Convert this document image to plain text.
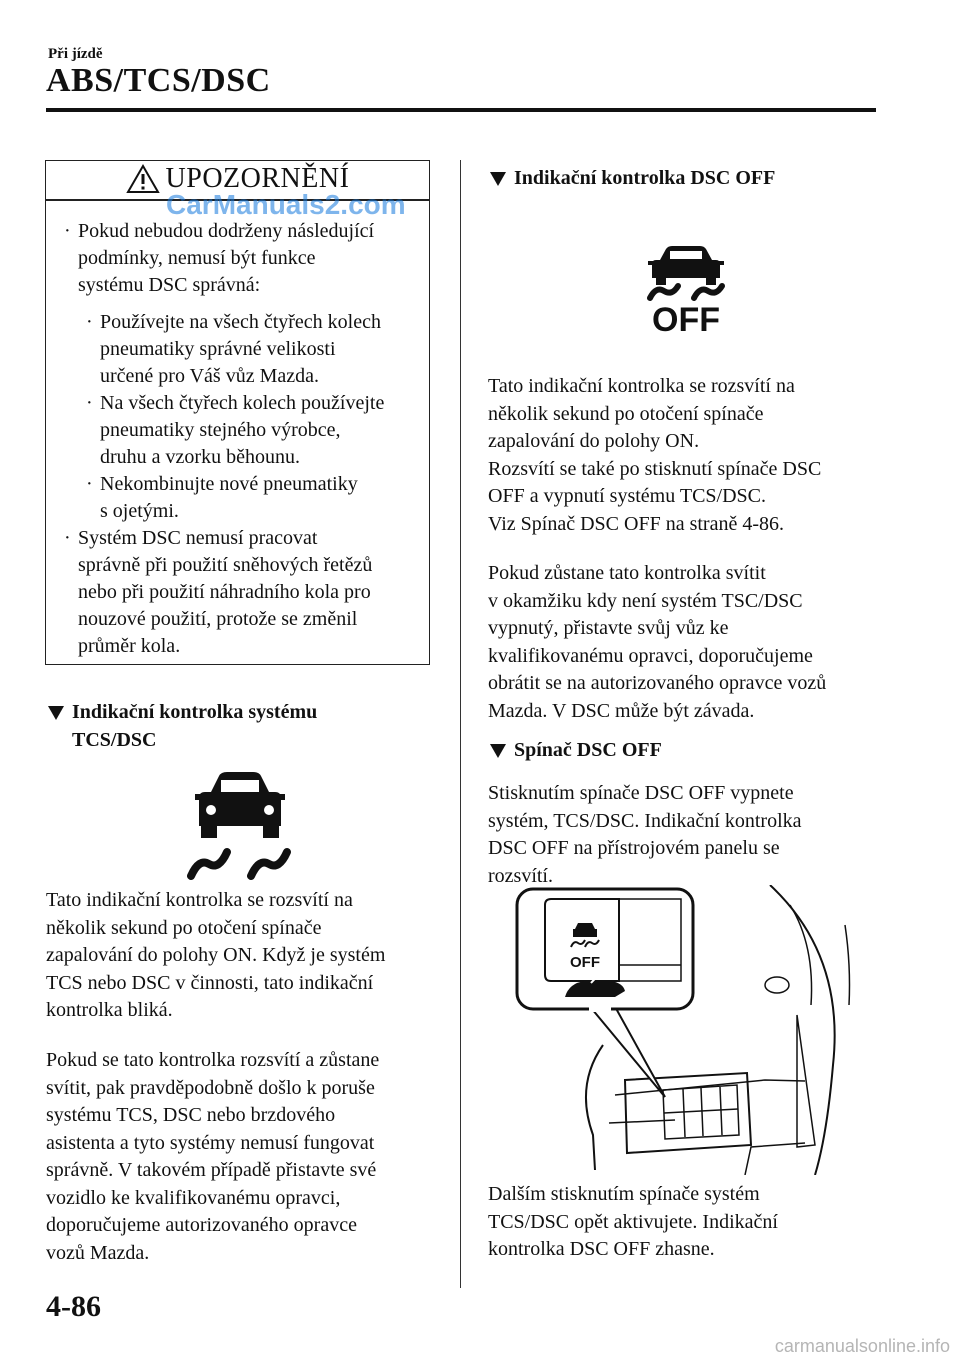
Při jízdě
ABS/TCS/DSC
UPOZORNĚNÍ
CarManuals2.com
· Pokud nebudou dodrženy následující
podmínky, nemusí být funkce
systému DSC správná:
· Používejte na všech čtyřech kolech
pneumatiky správné velikosti
určené pro Váš vůz Mazda.
· Na všech čtyřech kolech používejte
pneumatiky stejného výrobce,
druhu a vzorku běhounu.
· Nekombinujte nové pneumatiky
s ojetými.
· Systém DSC nemusí pracovat
správně při použití sněhových řetězů
nebo při použití náhradního kola pro
nouzové použití, protože se změnil
průměr kola.
Indikační kontrolka systému
TCS/DSC
Tato indikační kontrolka se rozsvítí na
několik sekund po otočení spínače
zapalování do polohy ON. Když je systém
TCS nebo DSC v činnosti, tato indikační
kontrolka bliká.
Pokud se tato kontrolka rozsvítí a zůstane
svítit, pak pravděpodobně došlo k poruše
systému TCS, DSC nebo brzdového
asistenta a tyto systémy nemusí fungovat
správně. V takovém případě přistavte své
vozidlo ke kvalifikovanému opravci,
doporučujeme autorizovaného opravce
vozů Mazda.
Indikační kontrolka DSC OFF
OFF
Tato indikační kontrolka se rozsvítí na
několik sekund po otočení spínače
zapalování do polohy ON.
Rozsvítí se také po stisknutí spínače DSC
OFF a vypnutí systému TCS/DSC.
Viz Spínač DSC OFF na straně 4-86.
Pokud zůstane tato kontrolka svítit
v okamžiku kdy není systém TSC/DSC
vypnutý, přistavte svůj vůz ke
kvalifikovanému opravci, doporučujeme
obrátit se na autorizovaného opravce vozů
Mazda. V DSC může být závada.
Spínač DSC OFF
Stisknutím spínače DSC OFF vypnete
systém, TCS/DSC. Indikační kontrolka
DSC OFF na přístrojovém panelu se
rozsvítí.
OFF
Dalším stisknutím spínače systém
TCS/DSC opět aktivujete. Indikační
kontrolka DSC OFF zhasne.
4-86
carmanualsonline.info
